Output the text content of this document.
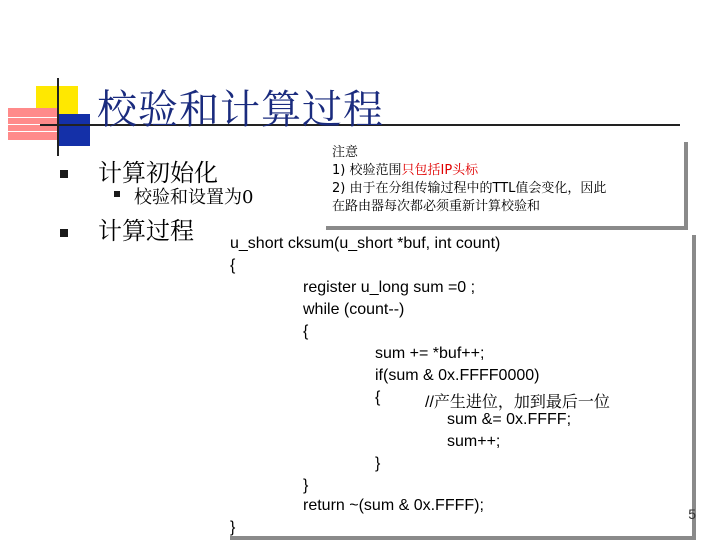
校验和计算过程
计算初始化
校验和设置为0
计算过程
注意
1) 校验范围只包括IP头标
2) 由于在分组传输过程中的TTL值会变化，因此
在路由器每次都必须重新计算校验和
u_short cksum(u_short *buf, int count)
{
register u_long sum =0 ;
while (count--)
{
sum += *buf++;
if(sum & 0x.FFFF0000)
{	//产生进位，加到最后一位
sum &= 0x.FFFF;
sum++;
}
}
return ~(sum & 0x.FFFF);
}
5
